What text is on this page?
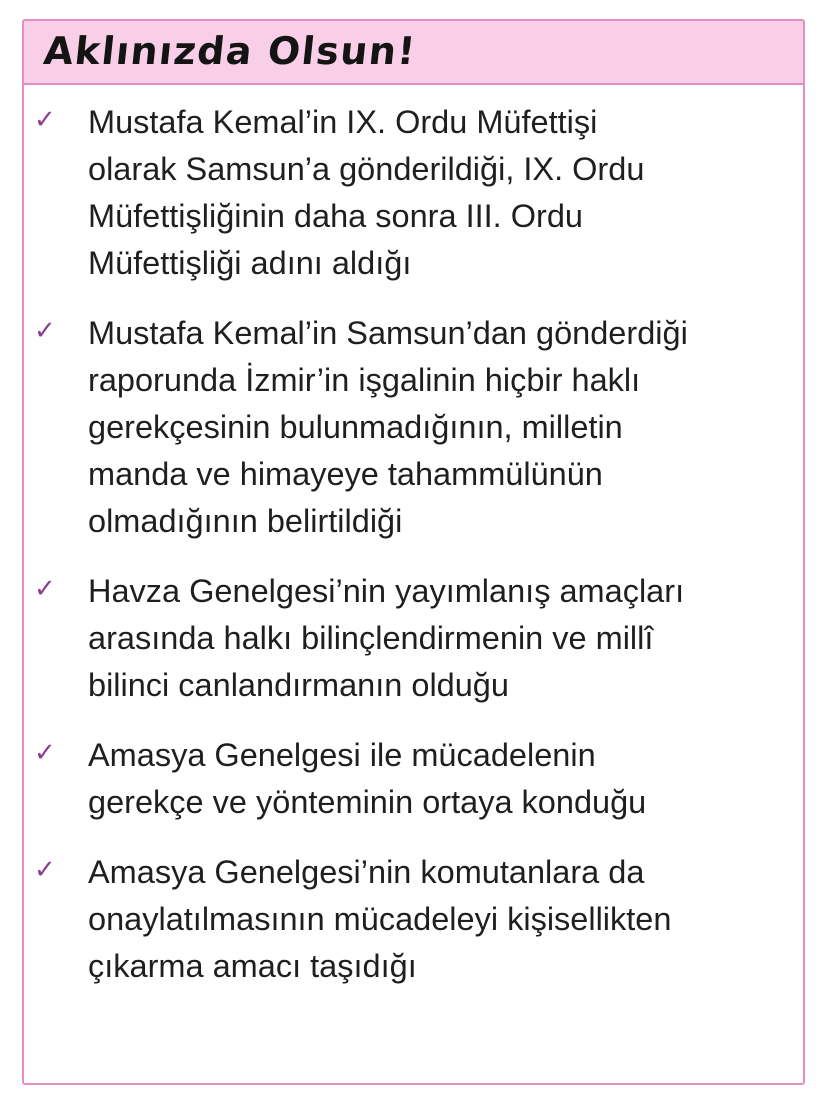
Aklınızda Olsun!
✓ Mustafa Kemal’in IX. Ordu Müfettişi
olarak Samsun’a gönderildiği, IX. Ordu
Müfettişliğinin daha sonra III. Ordu
Müfettişliği adını aldığı
✓ Mustafa Kemal’in Samsun’dan gönderdiği
raporunda İzmir’in işgalinin hiçbir haklı
gerekçesinin bulunmadığının, milletin
manda ve himayeye tahammülünün
olmadığının belirtildiği
✓ Havza Genelgesi’nin yayımlanış amaçları
arasında halkı bilinçlendirmenin ve millî
bilinci canlandırmanın olduğu
✓ Amasya Genelgesi ile mücadelenin
gerekçe ve yönteminin ortaya konduğu
✓ Amasya Genelgesi’nin komutanlara da
onaylatılmasının mücadeleyi kişisellikten
çıkarma amacı taşıdığı
